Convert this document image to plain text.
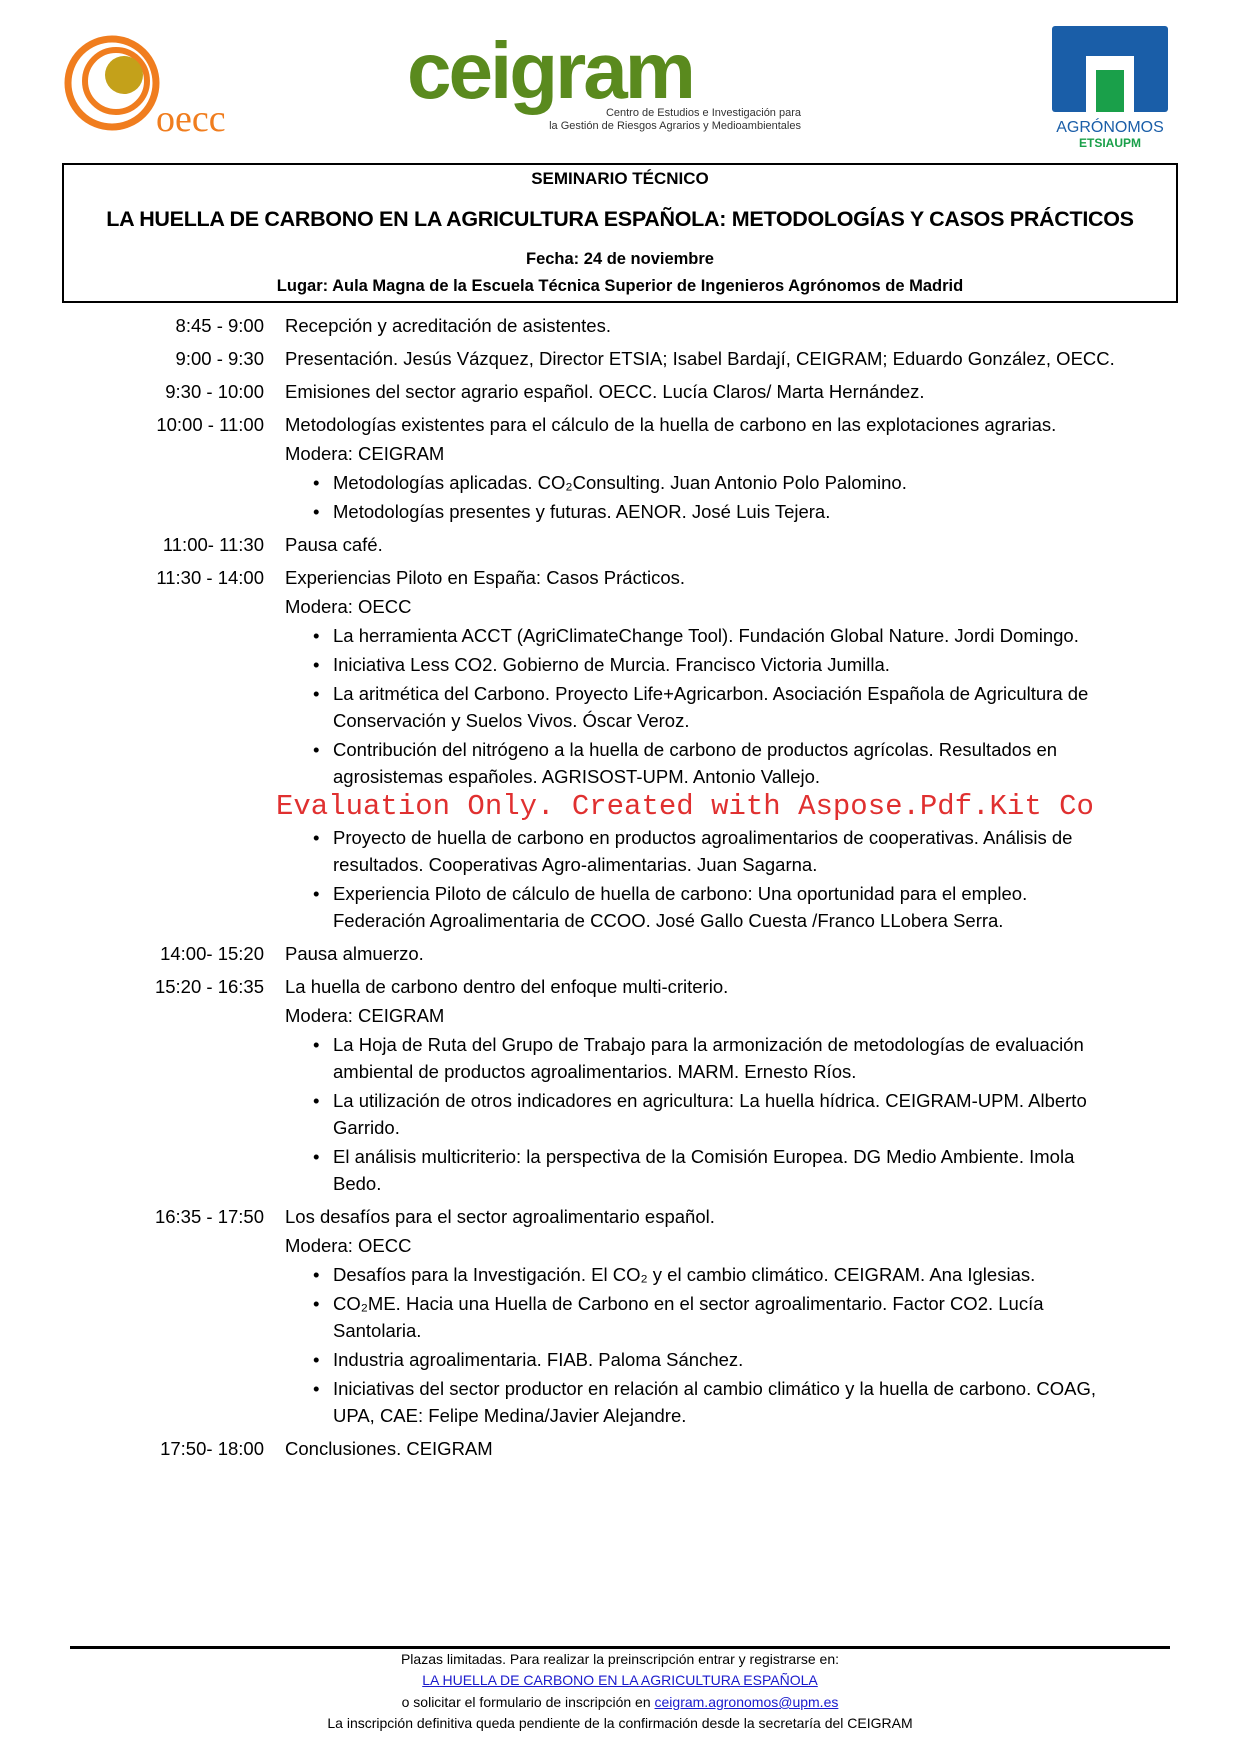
oecc
ceigram
Centro de Estudios e Investigación para
la Gestión de Riesgos Agrarios y Medioambientales	AGRÓNOMOS
ETSIAUPM
SEMINARIO TÉCNICO
LA HUELLA DE CARBONO EN LA AGRICULTURA ESPAÑOLA: METODOLOGÍAS Y CASOS PRÁCTICOS
Fecha: 24 de noviembre
Lugar: Aula Magna de la Escuela Técnica Superior de Ingenieros Agrónomos de Madrid
8:45 - 9:00	Recepción y acreditación de asistentes.

9:00 - 9:30	Presentación. Jesús Vázquez, Director ETSIA; Isabel Bardají, CEIGRAM; Eduardo González, OECC.

9:30 - 10:00	Emisiones del sector agrario español. OECC. Lucía Claros/ Marta Hernández.

10:00 - 11:00	Metodologías existentes para el cálculo de la huella de carbono en las explotaciones agrarias.

Modera: CEIGRAM

• Metodologías aplicadas. CO₂Consulting. Juan Antonio Polo Palomino.
• Metodologías presentes y futuras. AENOR. José Luis Tejera.
11:00- 11:30	Pausa café.

11:30 - 14:00	Experiencias Piloto en España: Casos Prácticos.

Modera: OECC

• La herramienta ACCT (AgriClimateChange Tool). Fundación Global Nature. Jordi Domingo.
• Iniciativa Less CO2. Gobierno de Murcia. Francisco Victoria Jumilla.
• La aritmética del Carbono. Proyecto Life+Agricarbon. Asociación Española de Agricultura de Conservación y Suelos Vivos. Óscar Veroz.
• Contribución del nitrógeno a la huella de carbono de productos agrícolas. Resultados en agrosistemas españoles. AGRISOST-UPM. Antonio Vallejo.
Evaluation Only. Created with Aspose.Pdf.Kit Co
• Proyecto de huella de carbono en productos agroalimentarios de cooperativas. Análisis de resultados. Cooperativas Agro-alimentarias. Juan Sagarna.
• Experiencia Piloto de cálculo de huella de carbono: Una oportunidad para el empleo. Federación Agroalimentaria de CCOO. José Gallo Cuesta /Franco LLobera Serra.
14:00- 15:20	Pausa almuerzo.

15:20 - 16:35	La huella de carbono dentro del enfoque multi-criterio.

Modera: CEIGRAM

• La Hoja de Ruta del Grupo de Trabajo para la armonización de metodologías de evaluación ambiental de productos agroalimentarios. MARM. Ernesto Ríos.
• La utilización de otros indicadores en agricultura: La huella hídrica. CEIGRAM-UPM. Alberto Garrido.
• El análisis multicriterio: la perspectiva de la Comisión Europea. DG Medio Ambiente. Imola Bedo.
16:35 - 17:50	Los desafíos para el sector agroalimentario español.

Modera: OECC

• Desafíos para la Investigación. El CO₂ y el cambio climático. CEIGRAM. Ana Iglesias.
• CO₂ME. Hacia una Huella de Carbono en el sector agroalimentario. Factor CO2. Lucía Santolaria.
• Industria agroalimentaria. FIAB. Paloma Sánchez.
• Iniciativas del sector productor en relación al cambio climático y la huella de carbono. COAG, UPA, CAE: Felipe Medina/Javier Alejandre.
17:50- 18:00	Conclusiones. CEIGRAM

Plazas limitadas. Para realizar la preinscripción entrar y registrarse en:
LA HUELLA DE CARBONO EN LA AGRICULTURA ESPAÑOLA
o solicitar el formulario de inscripción en ceigram.agronomos@upm.es
La inscripción definitiva queda pendiente de la confirmación desde la secretaría del CEIGRAM
